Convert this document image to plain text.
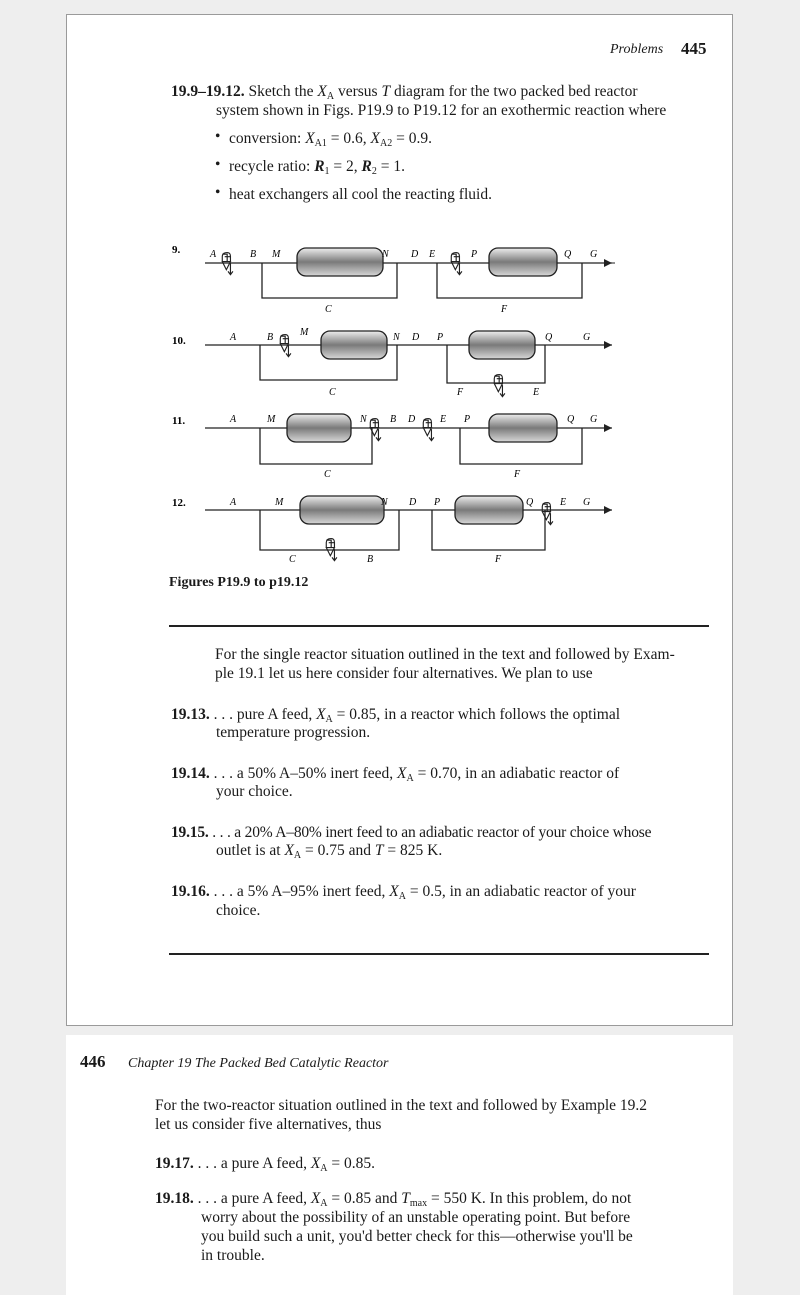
Problems 445
19.9–19.12. Sketch the $X_A$ versus T diagram for the two packed bed reactor
system shown in Figs. P19.9 to P19.12 for an exothermic reaction where
• conversion: $X_{A1} = 0.6$, $X_{A2} = 0.9$.
• recycle ratio: $R_1 = 2$, $R_2 = 1$.
• heat exchangers all cool the reacting fluid.
9.	A	B M	N D E	P	Q G
C	F
10.	A	B	M	N D P	Q	G
C	F	E
11.	A	M	N B D E P	Q G
C	F
12.	A	M	N D P	Q	E G
C	B	F
Figures P19.9 to p19.12
For the single reactor situation outlined in the text and followed by Exam-
ple 19.1 let us here consider four alternatives. We plan to use
19.13. . . . pure A feed, $X_A = 0.85$, in a reactor which follows the optimal
temperature progression.
19.14. . . . a 50% A–50% inert feed, $X_A = 0.70$, in an adiabatic reactor of
your choice.
19.15. . . . a 20% A–80% inert feed to an adiabatic reactor of your choice whose
outlet is at $X_A = 0.75$ and T = 825 K.
19.16. . . . a 5% A–95% inert feed, $X_A = 0.5$, in an adiabatic reactor of your
choice.
446 Chapter 19 The Packed Bed Catalytic Reactor
For the two-reactor situation outlined in the text and followed by Example 19.2
let us consider five alternatives, thus
19.17. . . . a pure A feed, $X_A = 0.85$.
19.18. . . . a pure A feed, $X_A = 0.85$ and $T_{max} = 550$ K. In this problem, do not
worry about the possibility of an unstable operating point. But before
you build such a unit, you'd better check for this—otherwise you'll be
in trouble.
